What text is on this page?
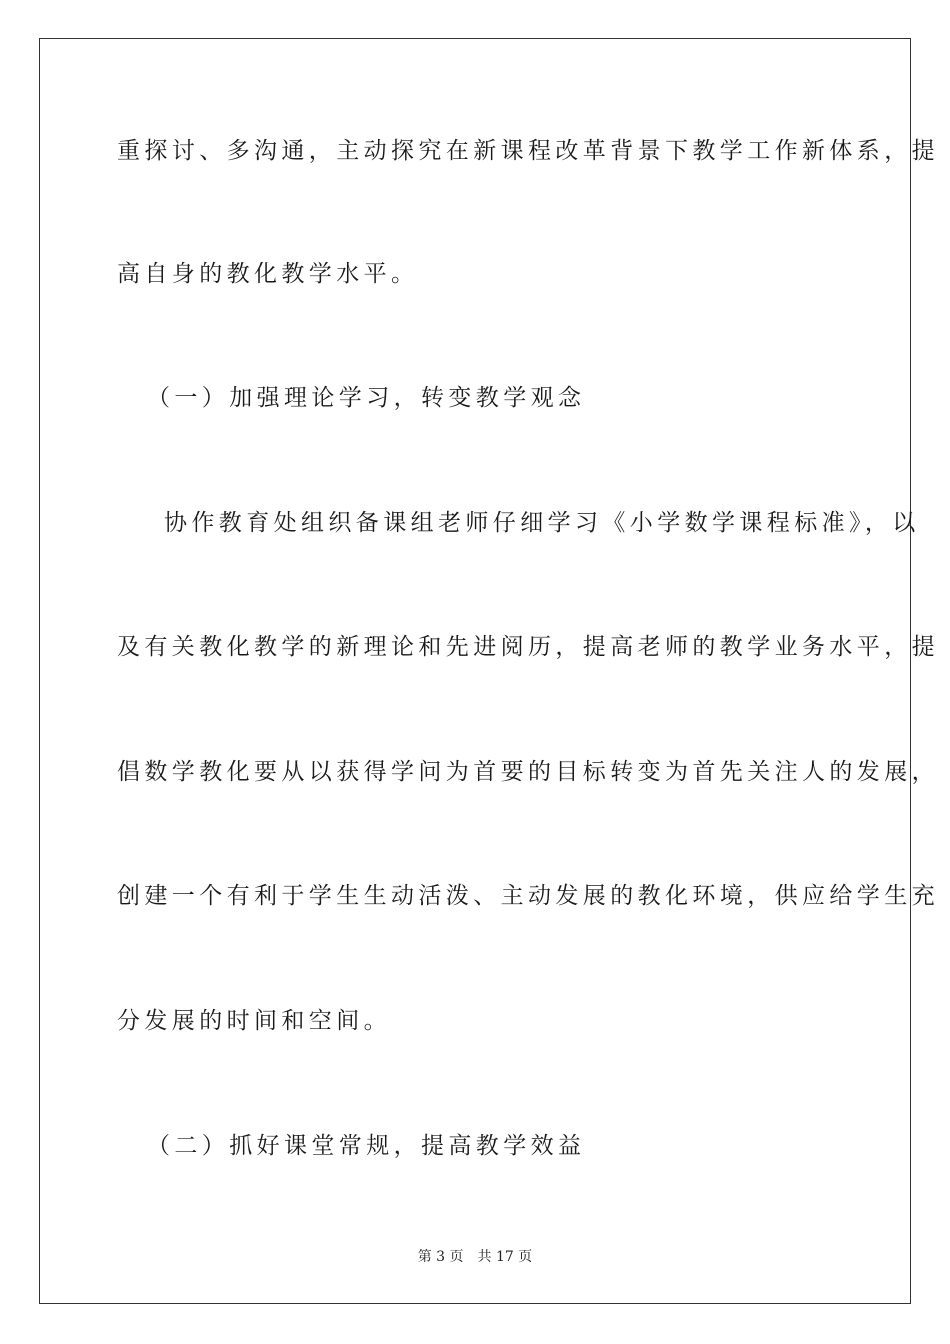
重探讨、多沟通，主动探究在新课程改革背景下教学工作新体系，提
高自身的教化教学水平。
（一）加强理论学习，转变教学观念
协作教育处组织备课组老师仔细学习《小学数学课程标准》，以
及有关教化教学的新理论和先进阅历，提高老师的教学业务水平，提
倡数学教化要从以获得学问为首要的目标转变为首先关注人的发展，
创建一个有利于学生生动活泼、主动发展的教化环境，供应给学生充
分发展的时间和空间。
（二）抓好课堂常规，提高教学效益
第 3 页 共 17 页
